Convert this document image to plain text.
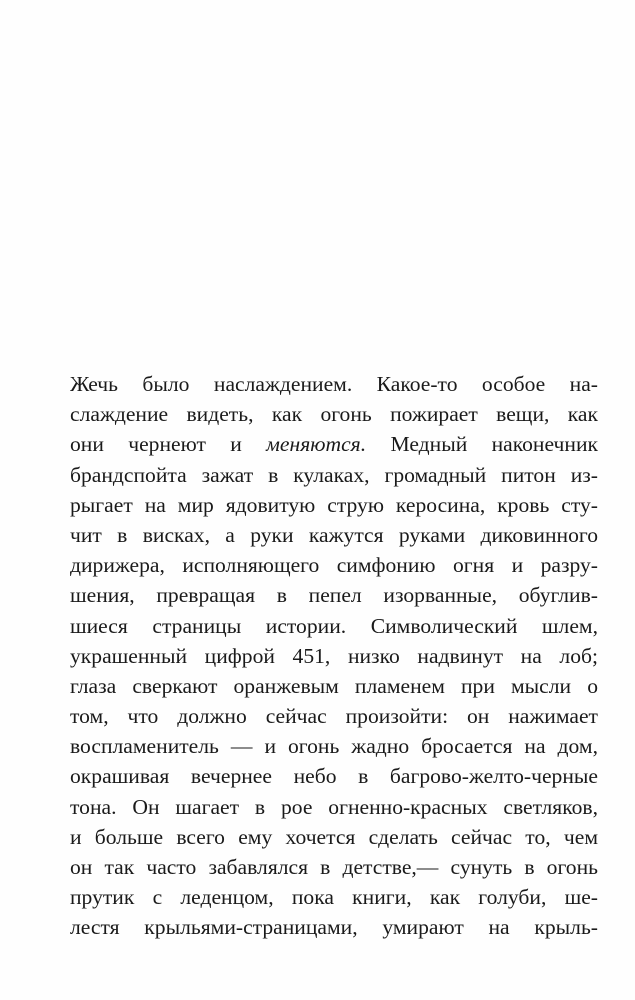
Жечь было наслаждением. Какое-то особое на-
слаждение видеть, как огонь пожирает вещи, как
они чернеют и меняются. Медный наконечник
брандспойта зажат в кулаках, громадный питон из-
рыгает на мир ядовитую струю керосина, кровь сту-
чит в висках, а руки кажутся руками диковинного
дирижера, исполняющего симфонию огня и разру-
шения, превращая в пепел изорванные, обуглив-
шиеся страницы истории. Символический шлем,
украшенный цифрой 451, низко надвинут на лоб;
глаза сверкают оранжевым пламенем при мысли о
том, что должно сейчас произойти: он нажимает
воспламенитель — и огонь жадно бросается на дом,
окрашивая вечернее небо в багрово-желто-черные
тона. Он шагает в рое огненно-красных светляков,
и больше всего ему хочется сделать сейчас то, чем
он так часто забавлялся в детстве,— сунуть в огонь
прутик с леденцом, пока книги, как голуби, ше-
лестя крыльями-страницами, умирают на крыль-
